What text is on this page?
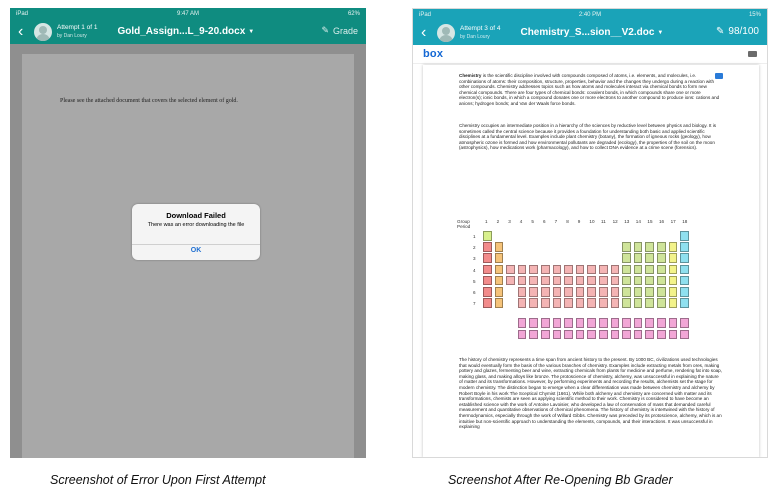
iPad	9:47 AM	62%
‹	Attempt 1 of 1
by Dan Loury	Gold_Assign...L_9-20.docx ▼	✎ Grade
Please see the attached document that covers the selected element of gold.
Download Failed
There was an error downloading the file
OK
iPad	2:40 PM	15%
‹	Attempt 3 of 4
by Dan Loury	Chemistry_S...sion__V2.doc ▼	✎ 98/100
box
Chemistry is the scientific discipline involved with compounds composed of atoms, i.e. elements, and molecules, i.e. combinations of atoms: their composition, structure, properties, behavior and the changes they undergo during a reaction with other compounds. Chemistry addresses topics such as how atoms and molecules interact via chemical bonds to form new chemical compounds. There are four types of chemical bonds: covalent bonds, in which compounds share one or more electron(s); ionic bonds, in which a compound donates one or more electrons to another compound to produce ions: cations and anions; hydrogen bonds; and Van der Waals force bonds.
Chemistry occupies an intermediate position in a hierarchy of the sciences by reductive level between physics and biology. It is sometimes called the central science because it provides a foundation for understanding both basic and applied scientific disciplines at a fundamental level. Examples include plant chemistry (botany), the formation of igneous rocks (geology), how atmospheric ozone is formed and how environmental pollutants are degraded (ecology), the properties of the soil on the moon (astrophysics), how medications work (pharmacology), and how to collect DNA evidence at a crime scene (forensics).
Group
Period
1 2 3 4 5 6 7 8 9 10 11 12 13 14 15 16 17 18
1
2
3
4
5
6
7
The history of chemistry represents a time span from ancient history to the present. By 1000 BC, civilizations used technologies that would eventually form the basis of the various branches of chemistry. Examples include extracting metals from ores, making pottery and glazes, fermenting beer and wine, extracting chemicals from plants for medicine and perfume, rendering fat into soap, making glass, and making alloys like bronze. The protoscience of chemistry, alchemy, was unsuccessful in explaining the nature of matter and its transformations. However, by performing experiments and recording the results, alchemists set the stage for modern chemistry. The distinction began to emerge when a clear differentiation was made between chemistry and alchemy by Robert Boyle in his work The Sceptical Chymist (1661). While both alchemy and chemistry are concerned with matter and its transformations, chemists are seen as applying scientific method to their work. Chemistry is considered to have become an established science with the work of Antoine Lavoisier, who developed a law of conservation of mass that demanded careful measurement and quantitative observations of chemical phenomena. The history of chemistry is intertwined with the history of thermodynamics, especially through the work of Willard Gibbs. Chemistry was preceded by its protoscience, alchemy, which is an intuitive but non-scientific approach to understanding the elements, compounds, and their interactions. It was unsuccessful in explaining
Screenshot of Error Upon First Attempt	Screenshot After Re-Opening Bb Grader
